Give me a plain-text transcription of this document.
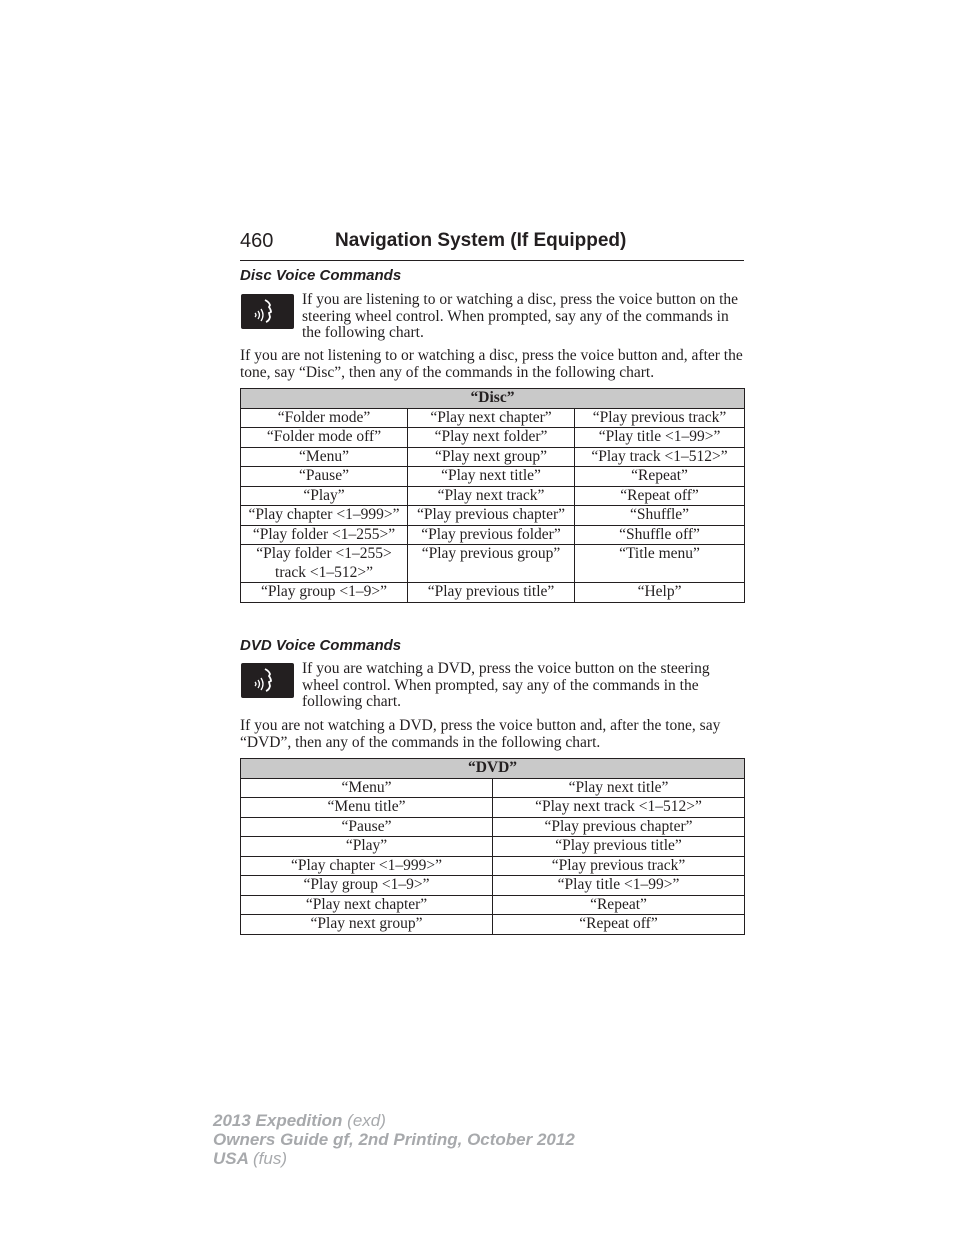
460	Navigation System (If Equipped)
Disc Voice Commands

If you are listening to or watching a disc, press the voice button on the steering wheel control. When prompted, say any of the commands in the following chart.

If you are not listening to or watching a disc, press the voice button and, after the tone, say “Disc”, then any of the commands in the following chart.

“Disc”		
“Folder mode”	“Play next chapter”	“Play previous track”
“Folder mode off”	“Play next folder”	“Play title <1–99>”
“Menu”	“Play next group”	“Play track <1–512>”
“Pause”	“Play next title”	“Repeat”
“Play”	“Play next track”	“Repeat off”
“Play chapter <1–999>”	“Play previous chapter”	“Shuffle”
“Play folder <1–255>”	“Play previous folder”	“Shuffle off”
“Play folder <1–255> track <1–512>”	“Play previous group”	“Title menu”
“Play group <1–9>”	“Play previous title”	“Help”
DVD Voice Commands

If you are watching a DVD, press the voice button on the steering wheel control. When prompted, say any of the commands in the following chart.

If you are not watching a DVD, press the voice button and, after the tone, say “DVD”, then any of the commands in the following chart.

“DVD”	
“Menu”	“Play next title”
“Menu title”	“Play next track <1–512>”
“Pause”	“Play previous chapter”
“Play”	“Play previous title”
“Play chapter <1–999>”	“Play previous track”
“Play group <1–9>”	“Play title <1–99>”
“Play next chapter”	“Repeat”
“Play next group”	“Repeat off”
2013 Expedition (exd)
Owners Guide gf, 2nd Printing, October 2012
USA (fus)
